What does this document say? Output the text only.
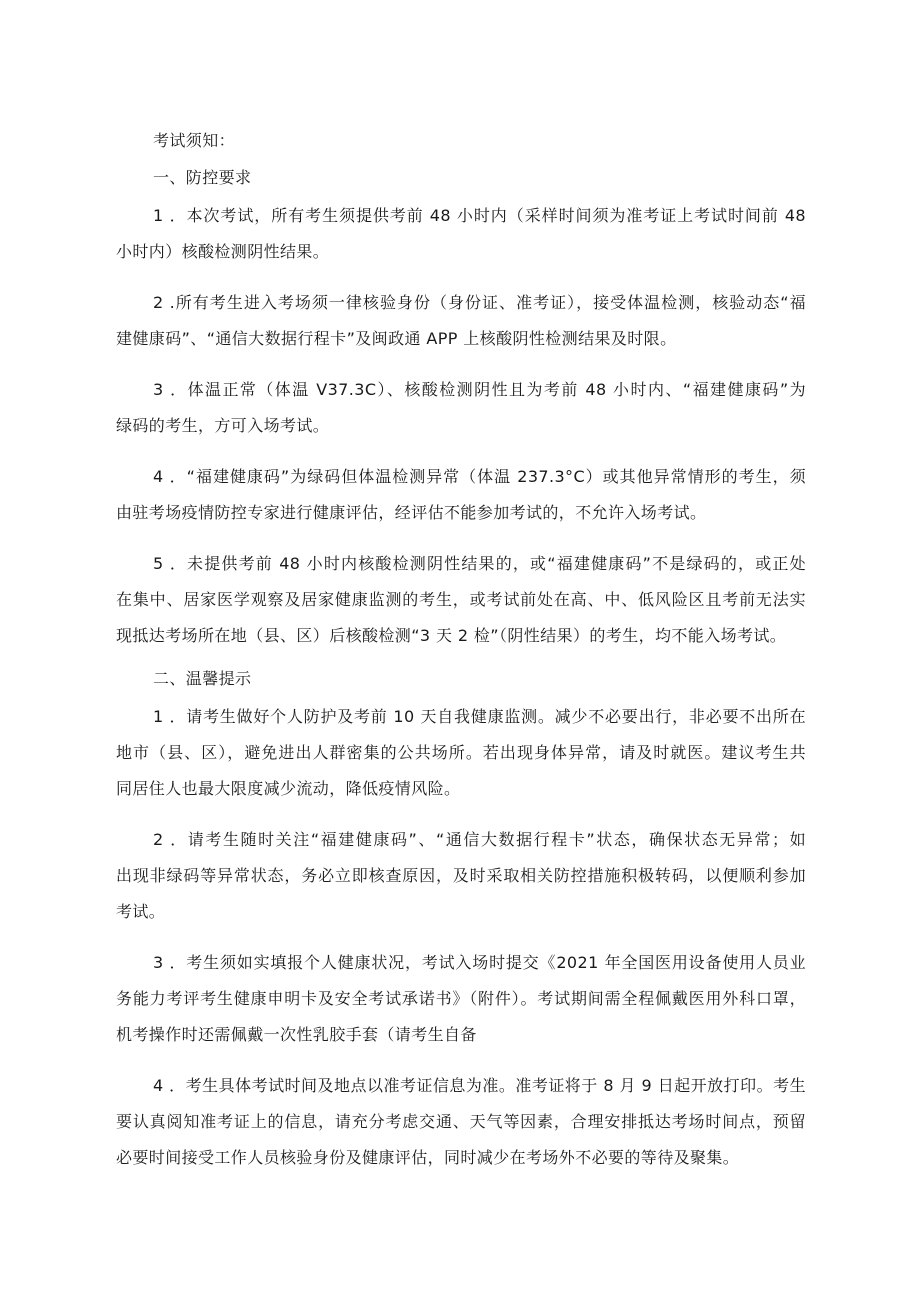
考试须知：

一、防控要求

1 ．本次考试，所有考生须提供考前 48 小时内（采样时间须为准考证上考试时间前 48

小时内）核酸检测阴性结果。

2 .所有考生进入考场须一律核验身份（身份证、准考证），接受体温检测，核验动态“福

建健康码”、“通信大数据行程卡”及闽政通 APP 上核酸阴性检测结果及时限。

3 ．体温正常（体温 V37.3C）、核酸检测阴性且为考前 48 小时内、“福建健康码”为

绿码的考生，方可入场考试。

4 ．“福建健康码”为绿码但体温检测异常（体温 237.3°C）或其他异常情形的考生，须

由驻考场疫情防控专家进行健康评估，经评估不能参加考试的，不允许入场考试。

5 ．未提供考前 48 小时内核酸检测阴性结果的，或“福建健康码”不是绿码的，或正处

在集中、居家医学观察及居家健康监测的考生，或考试前处在高、中、低风险区且考前无法实

现抵达考场所在地（县、区）后核酸检测“3 天 2 检”（阴性结果）的考生，均不能入场考试。

二、温馨提示

1 ．请考生做好个人防护及考前 10 天自我健康监测。减少不必要出行，非必要不出所在

地市（县、区），避免进出人群密集的公共场所。若出现身体异常，请及时就医。建议考生共

同居住人也最大限度减少流动，降低疫情风险。

2 ．请考生随时关注“福建健康码”、“通信大数据行程卡”状态，确保状态无异常；如

出现非绿码等异常状态，务必立即核查原因，及时采取相关防控措施积极转码，以便顺利参加

考试。

3 ．考生须如实填报个人健康状况，考试入场时提交《2021 年全国医用设备使用人员业

务能力考评考生健康申明卡及安全考试承诺书》（附件）。考试期间需全程佩戴医用外科口罩，

机考操作时还需佩戴一次性乳胶手套（请考生自备

4 ．考生具体考试时间及地点以准考证信息为准。准考证将于 8 月 9 日起开放打印。考生

要认真阅知准考证上的信息，请充分考虑交通、天气等因素，合理安排抵达考场时间点，预留

必要时间接受工作人员核验身份及健康评估，同时减少在考场外不必要的等待及聚集。
